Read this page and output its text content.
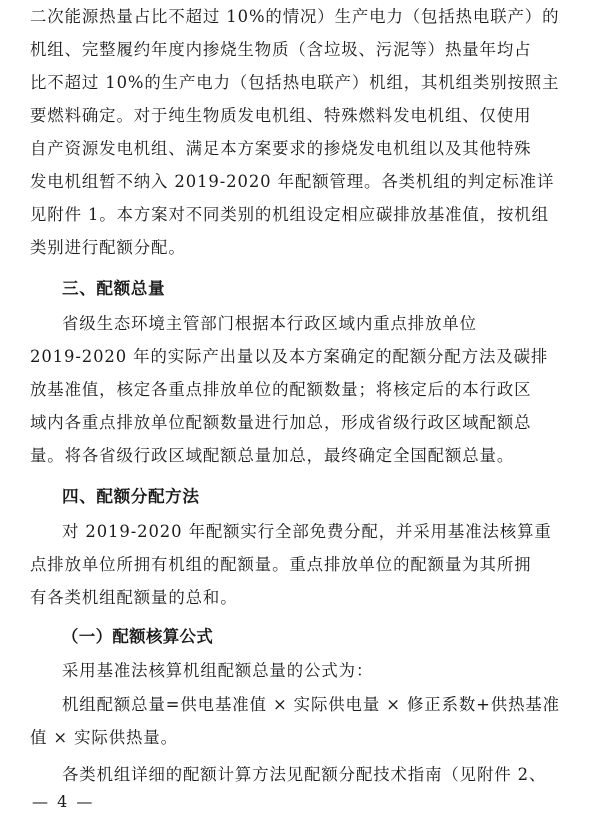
二次能源热量占比不超过 10%的情况）生产电力（包括热电联产）的
机组、完整履约年度内掺烧生物质（含垃圾、污泥等）热量年均占
比不超过 10%的生产电力（包括热电联产）机组，其机组类别按照主
要燃料确定。对于纯生物质发电机组、特殊燃料发电机组、仅使用
自产资源发电机组、满足本方案要求的掺烧发电机组以及其他特殊
发电机组暂不纳入 2019-2020 年配额管理。各类机组的判定标准详
见附件 1。本方案对不同类别的机组设定相应碳排放基准值，按机组
类别进行配额分配。
三、配额总量
省级生态环境主管部门根据本行政区域内重点排放单位
2019-2020 年的实际产出量以及本方案确定的配额分配方法及碳排
放基准值，核定各重点排放单位的配额数量；将核定后的本行政区
域内各重点排放单位配额数量进行加总，形成省级行政区域配额总
量。将各省级行政区域配额总量加总，最终确定全国配额总量。
四、配额分配方法
对 2019-2020 年配额实行全部免费分配，并采用基准法核算重
点排放单位所拥有机组的配额量。重点排放单位的配额量为其所拥
有各类机组配额量的总和。
（一）配额核算公式
采用基准法核算机组配额总量的公式为：
机组配额总量=供电基准值 × 实际供电量 × 修正系数+供热基准
值 × 实际供热量。
各类机组详细的配额计算方法见配额分配技术指南（见附件 2、
— 4 —
